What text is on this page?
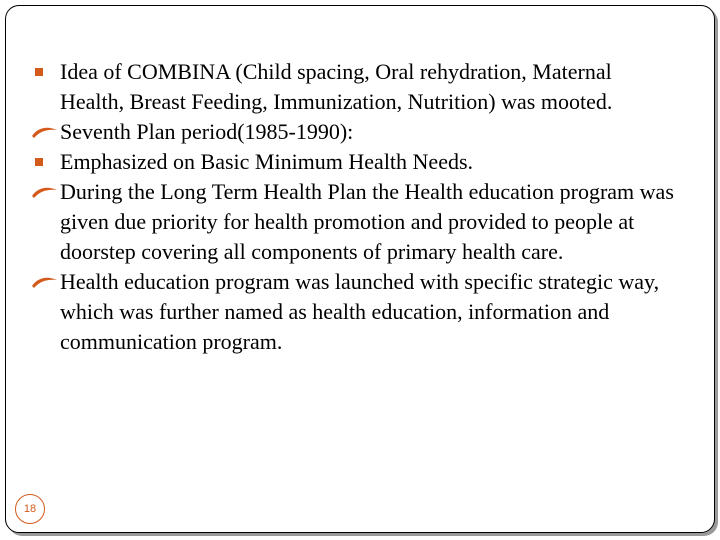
Idea of COMBINA (Child spacing, Oral rehydration, Maternal Health, Breast Feeding, Immunization, Nutrition) was mooted.

Seventh Plan period(1985-1990):

Emphasized on Basic Minimum Health Needs.

During the Long Term Health Plan the Health education program was given due priority for health promotion and provided to people at doorstep covering all components of primary health care.

Health education program was launched with specific strategic way, which was further named as health education, information and communication program.

18
